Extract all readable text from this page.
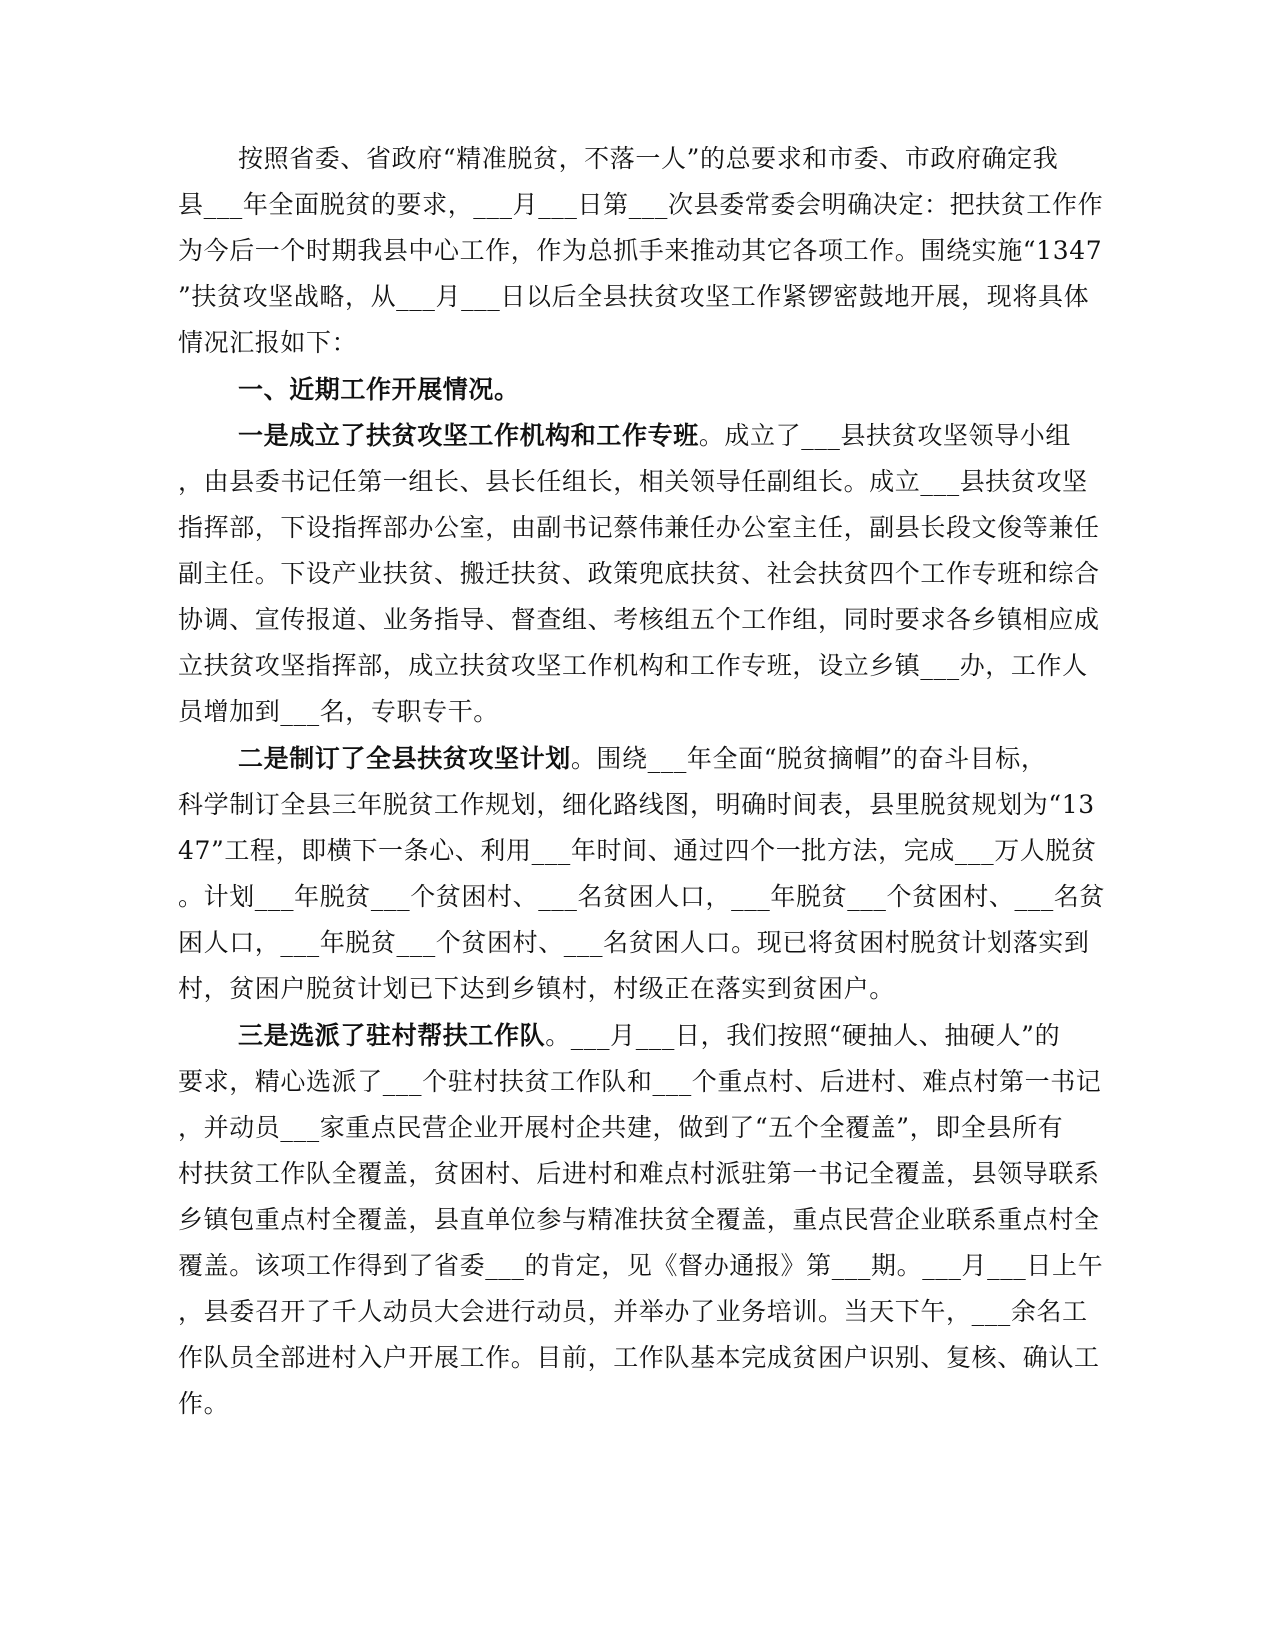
按照省委、省政府“精准脱贫，不落一人”的总要求和市委、市政府确定我
县___年全面脱贫的要求，___月___日第___次县委常委会明确决定：把扶贫工作作
为今后一个时期我县中心工作，作为总抓手来推动其它各项工作。围绕实施“1347
”扶贫攻坚战略，从___月___日以后全县扶贫攻坚工作紧锣密鼓地开展，现将具体
情况汇报如下：
一、近期工作开展情况。
一是成立了扶贫攻坚工作机构和工作专班。成立了___县扶贫攻坚领导小组
，由县委书记任第一组长、县长任组长，相关领导任副组长。成立___县扶贫攻坚
指挥部，下设指挥部办公室，由副书记蔡伟兼任办公室主任，副县长段文俊等兼任
副主任。下设产业扶贫、搬迁扶贫、政策兜底扶贫、社会扶贫四个工作专班和综合
协调、宣传报道、业务指导、督查组、考核组五个工作组，同时要求各乡镇相应成
立扶贫攻坚指挥部，成立扶贫攻坚工作机构和工作专班，设立乡镇___办，工作人
员增加到___名，专职专干。
二是制订了全县扶贫攻坚计划。围绕___年全面“脱贫摘帽”的奋斗目标，
科学制订全县三年脱贫工作规划，细化路线图，明确时间表，县里脱贫规划为“13
47”工程，即横下一条心、利用___年时间、通过四个一批方法，完成___万人脱贫
。计划___年脱贫___个贫困村、___名贫困人口，___年脱贫___个贫困村、___名贫
困人口，___年脱贫___个贫困村、___名贫困人口。现已将贫困村脱贫计划落实到
村，贫困户脱贫计划已下达到乡镇村，村级正在落实到贫困户。
三是选派了驻村帮扶工作队。___月___日，我们按照“硬抽人、抽硬人”的
要求，精心选派了___个驻村扶贫工作队和___个重点村、后进村、难点村第一书记
，并动员___家重点民营企业开展村企共建，做到了“五个全覆盖”，即全县所有
村扶贫工作队全覆盖，贫困村、后进村和难点村派驻第一书记全覆盖，县领导联系
乡镇包重点村全覆盖，县直单位参与精准扶贫全覆盖，重点民营企业联系重点村全
覆盖。该项工作得到了省委___的肯定，见《督办通报》第___期。___月___日上午
，县委召开了千人动员大会进行动员，并举办了业务培训。当天下午，___余名工
作队员全部进村入户开展工作。目前，工作队基本完成贫困户识别、复核、确认工
作。
